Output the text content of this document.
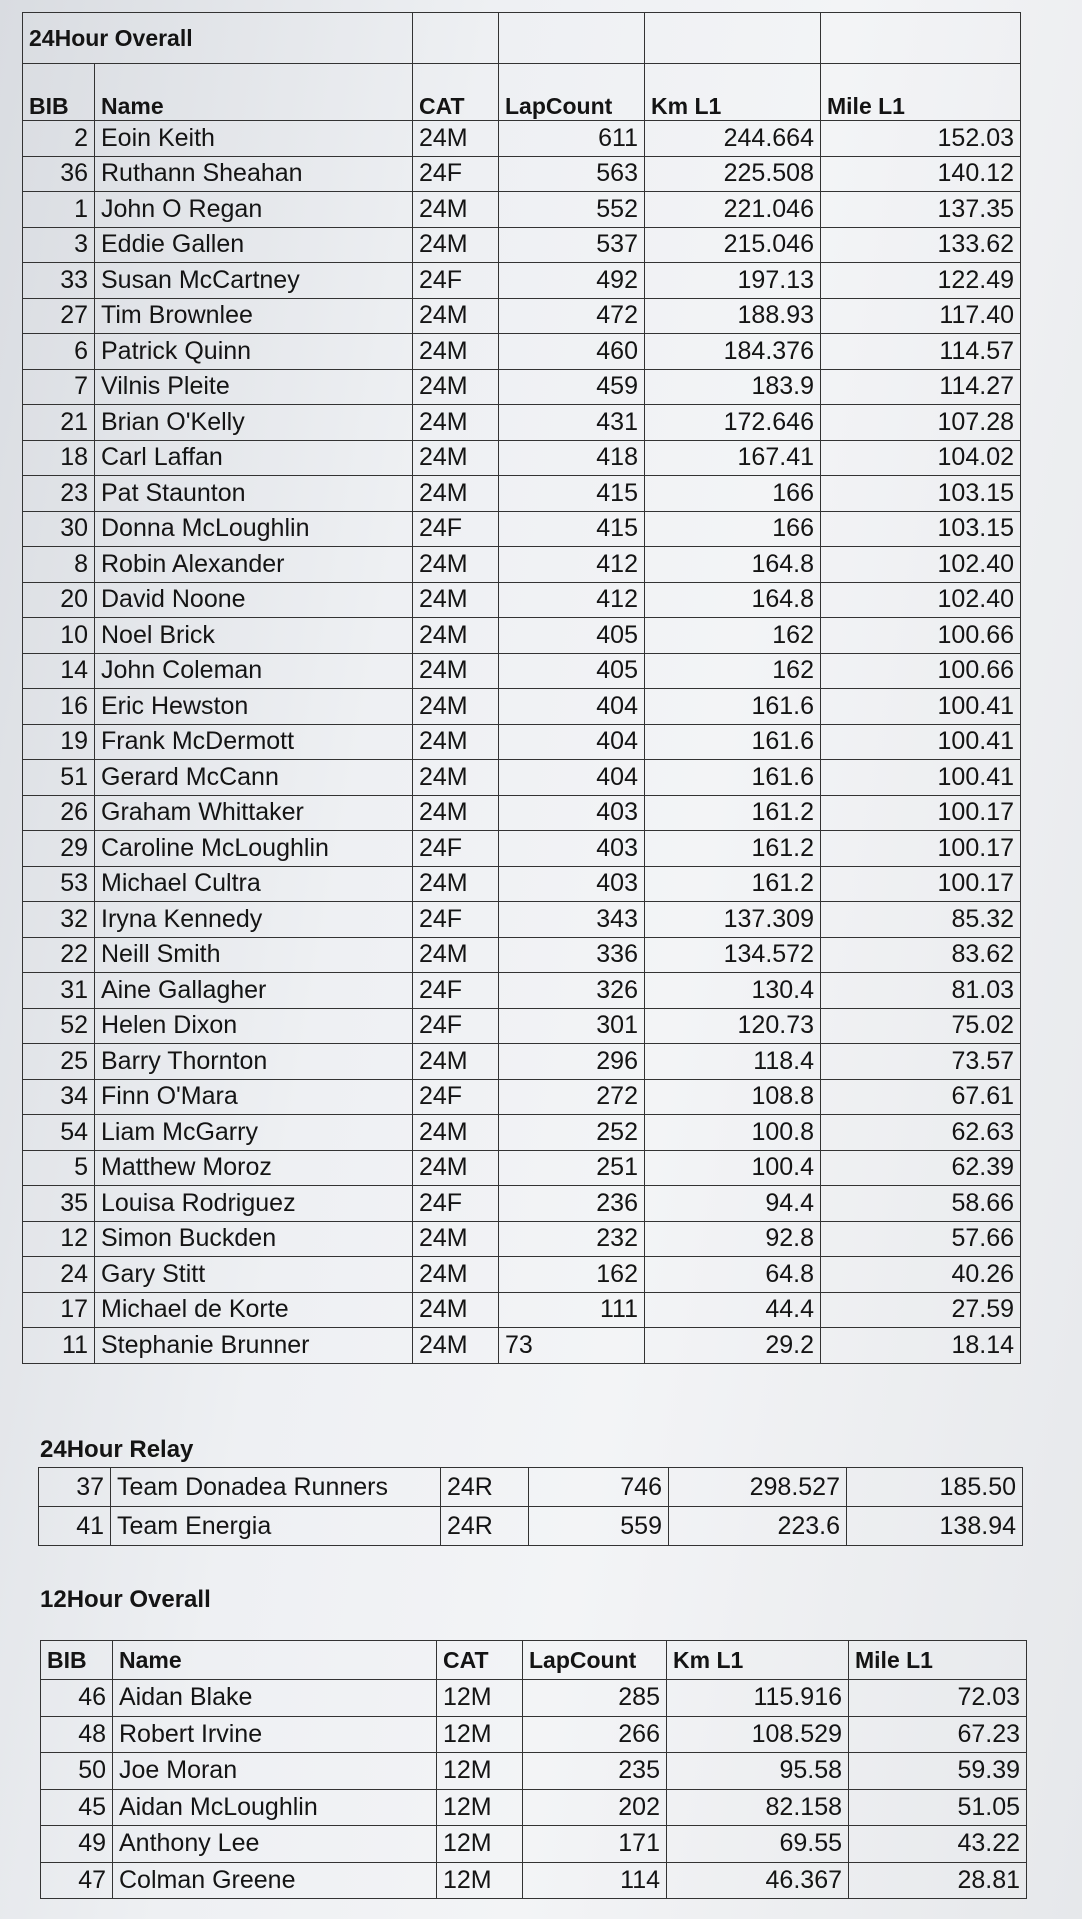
24Hour Overall					
BIB	Name	CAT	LapCount	Km L1	Mile L1
2	Eoin Keith	24M	611	244.664	152.03
36	Ruthann Sheahan	24F	563	225.508	140.12
1	John O Regan	24M	552	221.046	137.35
3	Eddie Gallen	24M	537	215.046	133.62
33	Susan McCartney	24F	492	197.13	122.49
27	Tim Brownlee	24M	472	188.93	117.40
6	Patrick Quinn	24M	460	184.376	114.57
7	Vilnis Pleite	24M	459	183.9	114.27
21	Brian O'Kelly	24M	431	172.646	107.28
18	Carl Laffan	24M	418	167.41	104.02
23	Pat Staunton	24M	415	166	103.15
30	Donna McLoughlin	24F	415	166	103.15
8	Robin Alexander	24M	412	164.8	102.40
20	David Noone	24M	412	164.8	102.40
10	Noel Brick	24M	405	162	100.66
14	John Coleman	24M	405	162	100.66
16	Eric Hewston	24M	404	161.6	100.41
19	Frank McDermott	24M	404	161.6	100.41
51	Gerard McCann	24M	404	161.6	100.41
26	Graham Whittaker	24M	403	161.2	100.17
29	Caroline McLoughlin	24F	403	161.2	100.17
53	Michael Cultra	24M	403	161.2	100.17
32	Iryna Kennedy	24F	343	137.309	85.32
22	Neill Smith	24M	336	134.572	83.62
31	Aine Gallagher	24F	326	130.4	81.03
52	Helen Dixon	24F	301	120.73	75.02
25	Barry Thornton	24M	296	118.4	73.57
34	Finn O'Mara	24F	272	108.8	67.61
54	Liam McGarry	24M	252	100.8	62.63
5	Matthew Moroz	24M	251	100.4	62.39
35	Louisa Rodriguez	24F	236	94.4	58.66
12	Simon Buckden	24M	232	92.8	57.66
24	Gary Stitt	24M	162	64.8	40.26
17	Michael de Korte	24M	111	44.4	27.59
11	Stephanie Brunner	24M	73	29.2	18.14
24Hour Relay
37	Team Donadea Runners	24R	746	298.527	185.50
41	Team Energia	24R	559	223.6	138.94
12Hour Overall
BIB	Name	CAT	LapCount	Km L1	Mile L1
46	Aidan Blake	12M	285	115.916	72.03
48	Robert Irvine	12M	266	108.529	67.23
50	Joe Moran	12M	235	95.58	59.39
45	Aidan McLoughlin	12M	202	82.158	51.05
49	Anthony Lee	12M	171	69.55	43.22
47	Colman Greene	12M	114	46.367	28.81
